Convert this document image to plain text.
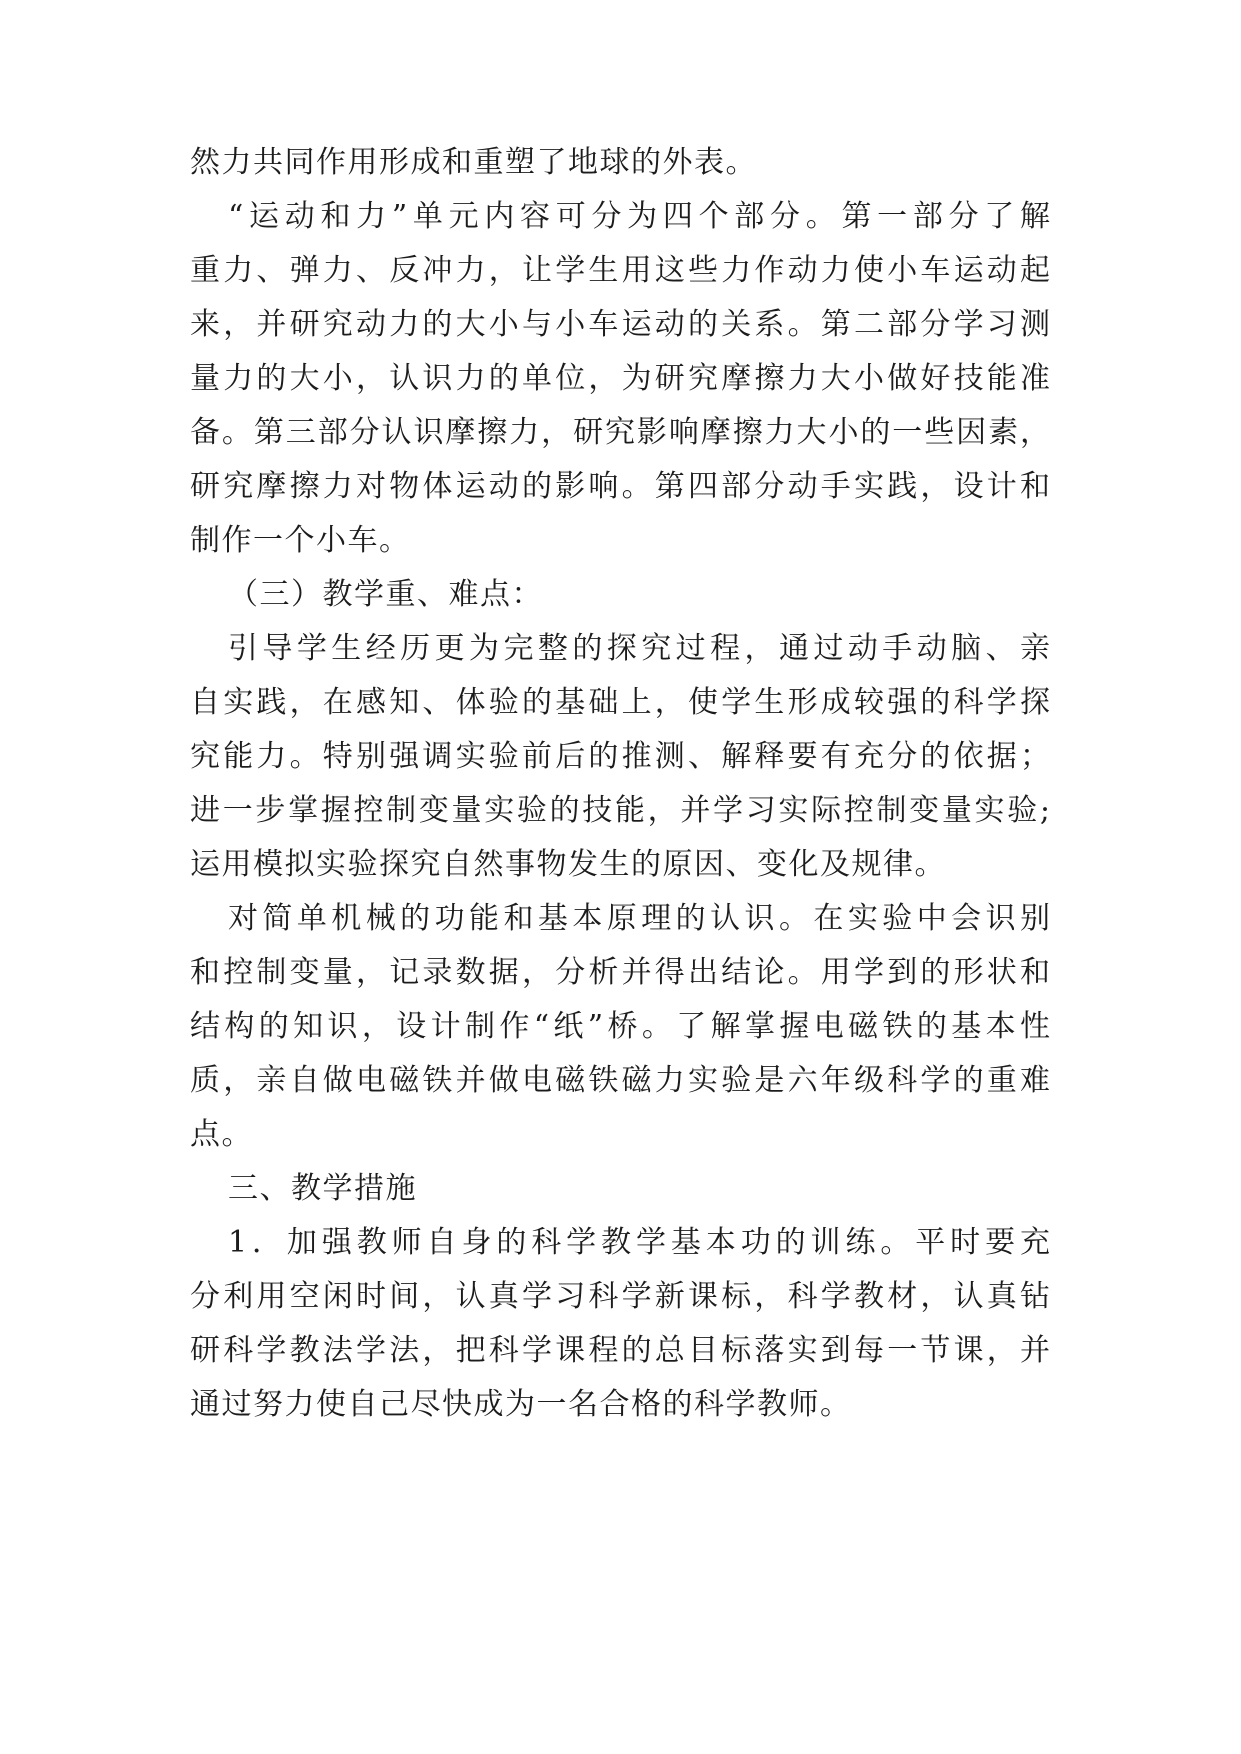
然力共同作用形成和重塑了地球的外表。
“运动和力”单元内容可分为四个部分。第一部分了解
重力、弹力、反冲力，让学生用这些力作动力使小车运动起
来，并研究动力的大小与小车运动的关系。第二部分学习测
量力的大小，认识力的单位，为研究摩擦力大小做好技能准
备。第三部分认识摩擦力，研究影响摩擦力大小的一些因素，
研究摩擦力对物体运动的影响。第四部分动手实践，设计和
制作一个小车。
（三）教学重、难点：
引导学生经历更为完整的探究过程，通过动手动脑、亲
自实践，在感知、体验的基础上，使学生形成较强的科学探
究能力。特别强调实验前后的推测、解释要有充分的依据；
进一步掌握控制变量实验的技能，并学习实际控制变量实验;
运用模拟实验探究自然事物发生的原因、变化及规律。
对简单机械的功能和基本原理的认识。在实验中会识别
和控制变量，记录数据，分析并得出结论。用学到的形状和
结构的知识，设计制作“纸”桥。了解掌握电磁铁的基本性
质，亲自做电磁铁并做电磁铁磁力实验是六年级科学的重难
点。
三、教学措施
1．加强教师自身的科学教学基本功的训练。平时要充
分利用空闲时间，认真学习科学新课标，科学教材，认真钻
研科学教法学法，把科学课程的总目标落实到每一节课，并
通过努力使自己尽快成为一名合格的科学教师。
